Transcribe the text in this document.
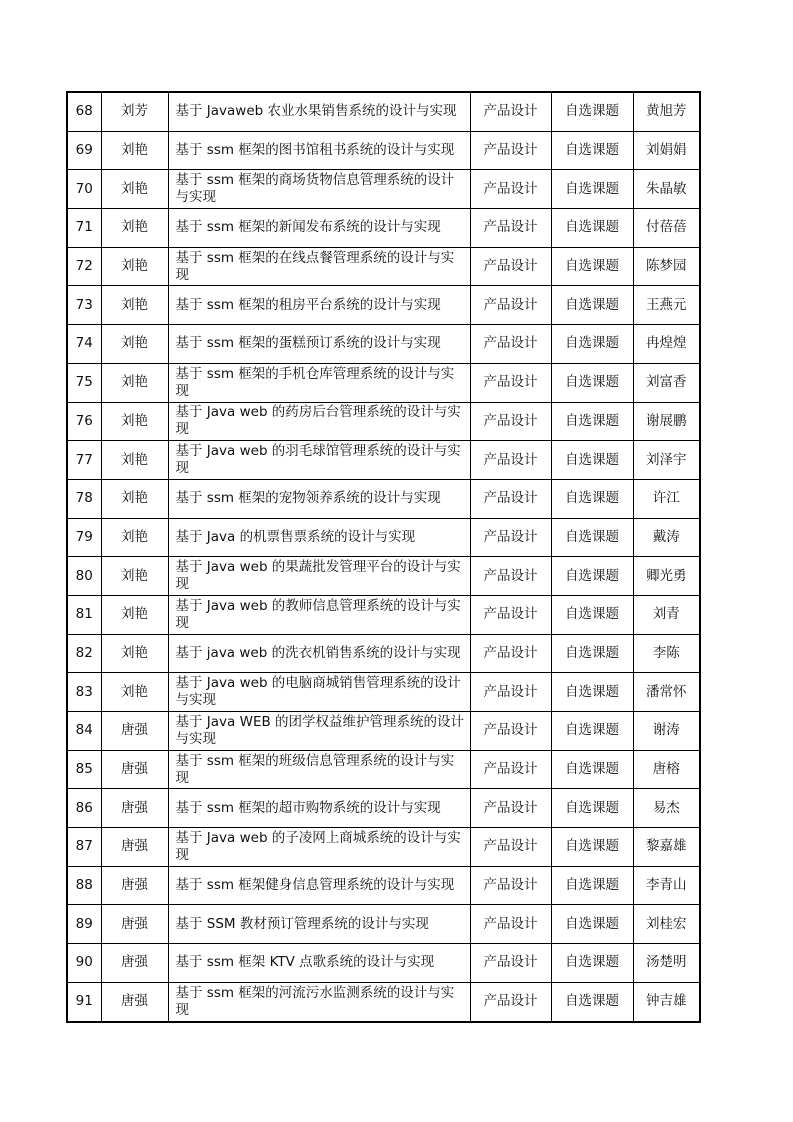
68	刘芳	基于 Javaweb 农业水果销售系统的设计与实现	产品设计	自选课题	黄旭芳
69	刘艳	基于 ssm 框架的图书馆租书系统的设计与实现	产品设计	自选课题	刘娟娟
70	刘艳	基于 ssm 框架的商场货物信息管理系统的设计与实现	产品设计	自选课题	朱晶敏
71	刘艳	基于 ssm 框架的新闻发布系统的设计与实现	产品设计	自选课题	付蓓蓓
72	刘艳	基于 ssm 框架的在线点餐管理系统的设计与实现	产品设计	自选课题	陈梦园
73	刘艳	基于 ssm 框架的租房平台系统的设计与实现	产品设计	自选课题	王燕元
74	刘艳	基于 ssm 框架的蛋糕预订系统的设计与实现	产品设计	自选课题	冉煌煌
75	刘艳	基于 ssm 框架的手机仓库管理系统的设计与实现	产品设计	自选课题	刘富香
76	刘艳	基于 Java web 的药房后台管理系统的设计与实现	产品设计	自选课题	谢展鹏
77	刘艳	基于 Java web 的羽毛球馆管理系统的设计与实现	产品设计	自选课题	刘泽宇
78	刘艳	基于 ssm 框架的宠物领养系统的设计与实现	产品设计	自选课题	许江
79	刘艳	基于 Java 的机票售票系统的设计与实现	产品设计	自选课题	戴涛
80	刘艳	基于 Java web 的果蔬批发管理平台的设计与实现	产品设计	自选课题	卿光勇
81	刘艳	基于 Java web 的教师信息管理系统的设计与实现	产品设计	自选课题	刘青
82	刘艳	基于 java web 的洗衣机销售系统的设计与实现	产品设计	自选课题	李陈
83	刘艳	基于 Java web 的电脑商城销售管理系统的设计与实现	产品设计	自选课题	潘常怀
84	唐强	基于 Java WEB 的团学权益维护管理系统的设计与实现	产品设计	自选课题	谢涛
85	唐强	基于 ssm 框架的班级信息管理系统的设计与实现	产品设计	自选课题	唐榕
86	唐强	基于 ssm 框架的超市购物系统的设计与实现	产品设计	自选课题	易杰
87	唐强	基于 Java web 的子凌网上商城系统的设计与实现	产品设计	自选课题	黎嘉雄
88	唐强	基于 ssm 框架健身信息管理系统的设计与实现	产品设计	自选课题	李青山
89	唐强	基于 SSM 教材预订管理系统的设计与实现	产品设计	自选课题	刘桂宏
90	唐强	基于 ssm 框架 KTV 点歌系统的设计与实现	产品设计	自选课题	汤楚明
91	唐强	基于 ssm 框架的河流污水监测系统的设计与实现	产品设计	自选课题	钟吉雄
